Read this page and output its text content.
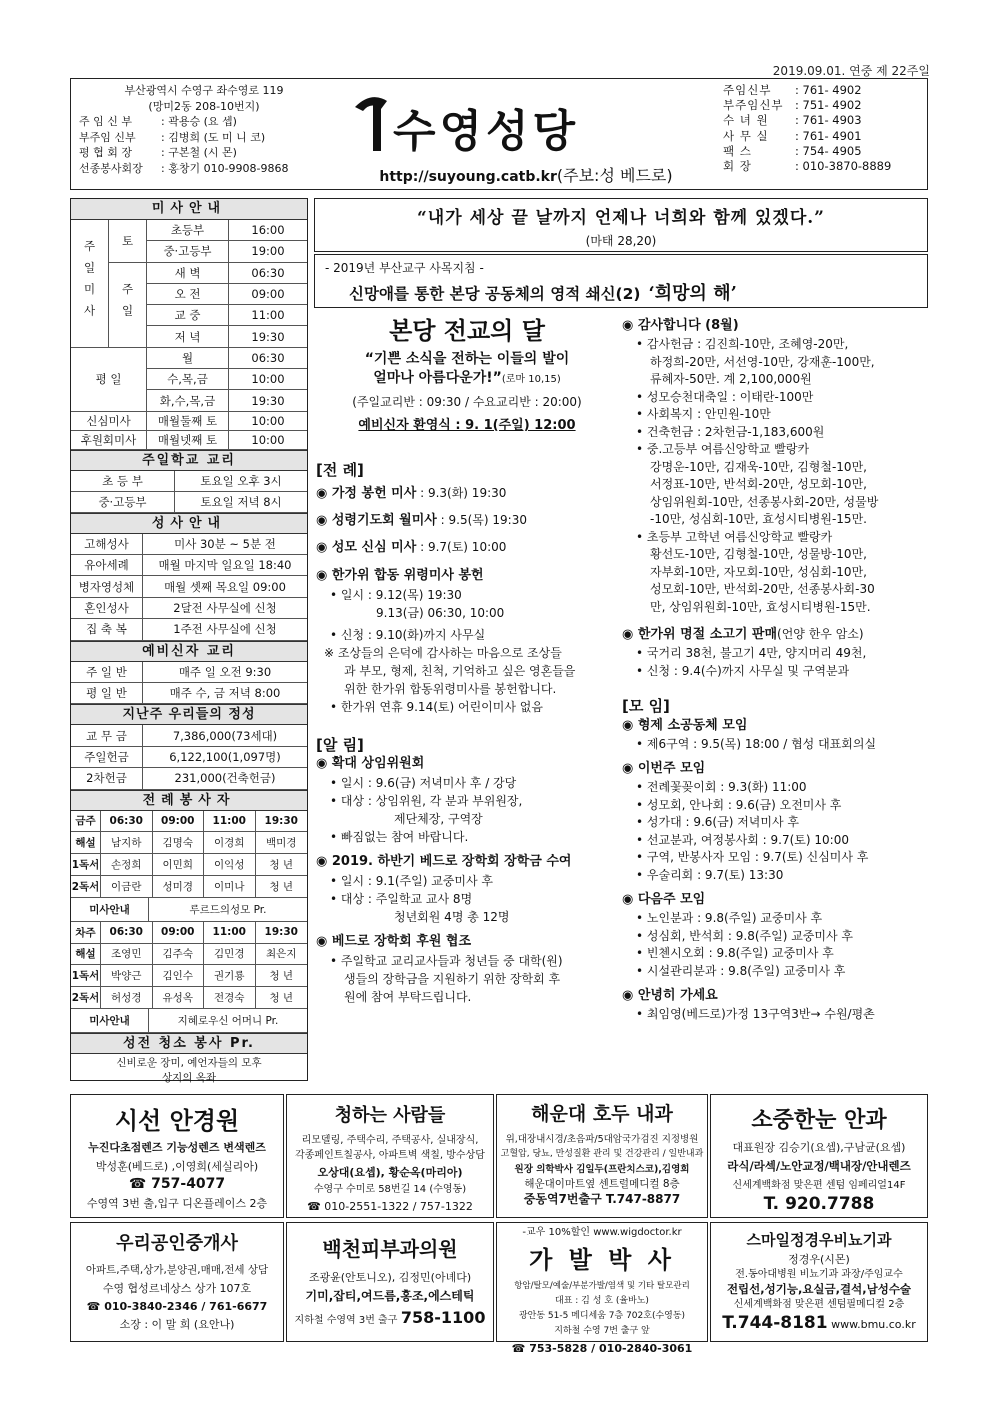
2019.09.01. 연중 제 22주일
부산광역시 수영구 좌수영로 119
(망미2동 208-10번지)
주 임 신 부	: 곽용승 (요 셉)
부주임 신부 : 김병희 (도 미 니 코)
평 협 회 장	: 구본철 (시 몬)
선종봉사회장 : 홍창기 010-9908-9868
수영성당
http://suyoung.catb.kr(주보:성 베드로)
주임신부	: 761- 4902
부주임신부 : 751- 4902
수 녀 원	: 761- 4903
사 무 실	: 761- 4901
팩 스	: 754- 4905
회 장	: 010-3870-8889
미사안내
주일미사	토
초등부	16:00
중·고등부	19:00
주일
새 벽	06:30
오 전	09:00
교 중	11:00
저 녁	19:30
평 일
월	06:30
수,목,금	10:00
화,수,목,금	19:30
신심미사	매월둘째 토	10:00
후원회미사	매월넷째 토	10:00
주일학교 교리
초 등 부	토요일 오후 3시
중·고등부	토요일 저녁 8시
성사안내
고해성사	미사 30분 ~ 5분 전
유아세례	매월 마지막 일요일 18:40
병자영성체	매월 셋째 목요일 09:00
혼인성사	2달전 사무실에 신청
집 축 복	1주전 사무실에 신청
예비신자 교리
주 일 반	매주 일 오전 9:30
평 일 반	매주 수, 금 저녁 8:00
지난주 우리들의 정성
교 무 금	7,386,000(73세대)
주일헌금	6,122,100(1,097명)
2차헌금	231,000(건축헌금)
전례봉사자
금주	06:30	09:00	11:00	19:30
해설	남지하	김명숙	이경희	백미경
1독서	손정희	이민희	이익성	청 년
2독서	이금란	성미경	이미나	청 년
미사안내	루르드의성모 Pr.
차주	06:30	09:00	11:00	19:30
해설	조영민	김주숙	김민경	최은지
1독서	박양근	김인수	권기룡	청 년
2독서	허성경	유성옥	전경숙	청 년
미사안내	지혜로우신 어머니 Pr.
성전 청소 봉사 Pr.
신비로운 장미, 예언자들의 모후
상지의 옥좌
“내가 세상 끝 날까지 언제나 너희와 함께 있겠다.”
(마태 28,20)
- 2019년 부산교구 사목지침 -
신망애를 통한 본당 공동체의 영적 쇄신(2) ‘희망의 해’
본당 전교의 달
“기쁜 소식을 전하는 이들의 발이
얼마나 아름다운가!”(로마 10,15)
(주일교리반 : 09:30 / 수요교리반 : 20:00)
예비신자 환영식 : 9. 1(주일) 12:00
[전 례]
◉ 가정 봉헌 미사 : 9.3(화) 19:30
◉ 성령기도회 월미사 : 9.5(목) 19:30
◉ 성모 신심 미사 : 9.7(토) 10:00
◉ 한가위 합동 위령미사 봉헌
• 일시 : 9.12(목) 19:30
9.13(금) 06:30, 10:00
• 신청 : 9.10(화)까지 사무실
※ 조상들의 은덕에 감사하는 마음으로 조상들
과 부모, 형제, 친척, 기억하고 싶은 영혼들을
위한 한가위 합동위령미사를 봉헌합니다.
• 한가위 연휴 9.14(토) 어린이미사 없음
[알 림]
◉ 확대 상임위원회
• 일시 : 9.6(금) 저녁미사 후 / 강당
• 대상 : 상임위원, 각 분과 부위원장,
제단체장, 구역장
• 빠짐없는 참여 바랍니다.
◉ 2019. 하반기 베드로 장학회 장학금 수여
• 일시 : 9.1(주일) 교중미사 후
• 대상 : 주일학교 교사 8명
청년회원 4명 총 12명
◉ 베드로 장학회 후원 협조
• 주일학교 교리교사들과 청년들 중 대학(원)
생들의 장학금을 지원하기 위한 장학회 후
원에 참여 부탁드립니다.
◉ 감사합니다 (8월)
• 감사헌금 : 김진희-10만, 조혜영-20만,
하정희-20만, 서선영-10만, 강재훈-100만,
류혜자-50만. 계 2,100,000원
• 성모승천대축일 : 이태란-100만
• 사회복지 : 안민원-10만
• 건축헌금 : 2차헌금-1,183,600원
• 중.고등부 여름신앙학교 빨랑카
강명운-10만, 김재욱-10만, 김형철-10만,
서정표-10만, 반석회-20만, 성모회-10만,
상임위원회-10만, 선종봉사회-20만, 성물방
-10만, 성심회-10만, 효성시티병원-15만.
• 초등부 고학년 여름신앙학교 빨랑카
황선도-10만, 김형철-10만, 성물방-10만,
자부회-10만, 자모회-10만, 성심회-10만,
성모회-10만, 반석회-20만, 선종봉사회-30
만, 상임위원회-10만, 효성시티병원-15만.
◉ 한가위 명절 소고기 판매(언양 한우 암소)
• 국거리 38천, 불고기 4만, 양지머리 49천,
• 신청 : 9.4(수)까지 사무실 및 구역분과
[모 임]
◉ 형제 소공동체 모임
• 제6구역 : 9.5(목) 18:00 / 협성 대표회의실
◉ 이번주 모임
• 전례꽃꽂이회 : 9.3(화) 11:00
• 성모회, 안나회 : 9.6(금) 오전미사 후
• 성가대 : 9.6(금) 저녁미사 후
• 선교분과, 여정봉사회 : 9.7(토) 10:00
• 구역, 반봉사자 모임 : 9.7(토) 신심미사 후
• 우술리회 : 9.7(토) 13:30
◉ 다음주 모임
• 노인분과 : 9.8(주일) 교중미사 후
• 성심회, 반석회 : 9.8(주일) 교중미사 후
• 빈첸시오회 : 9.8(주일) 교중미사 후
• 시설관리분과 : 9.8(주일) 교중미사 후
◉ 안녕히 가세요
• 최임영(베드로)가정 13구역3반→ 수원/평촌
시선 안경원
누진다초점렌즈 기능성렌즈 변색렌즈
박성훈(베드로) ,이영희(세실리아)
☎ 757-4077
수영역 3번 출,입구 디온플레이스 2층
청하는 사람들
리모델링, 주택수리, 주택공사, 실내장식,
각종페인트칠공사, 아파트벽 색칠, 방수상담
오상대(요셉), 황순옥(마리아)
수영구 수미로 58번길 14 (수영동)
☎ 010-2551-1322 / 757-1322
해운대 호두 내과
위,대장내시경/초음파/5대암국가검진 지정병원
고혈압, 당뇨, 만성질환 관리 및 건강관리 / 일반내과
원장 의학박사 김일두(프란치스코),김영희
해운대이마트옆 센트럴메디컬 8층
중동역7번출구 T.747-8877
소중한눈 안과
대표원장 김승기(요셉),구남균(요셉)
라식/라섹/노안교정/백내장/안내렌즈
신세계백화점 맞은편 센텀 임페리얼14F
T. 920.7788
우리공인중개사
아파트,주택,상가,분양권,매매,전세 상담
수영 협성르네상스 상가 107호
☎ 010-3840-2346 / 761-6677
소장 : 이 말 희 (요안나)
백천피부과의원
조광윤(안토니오), 김정민(아녜다)
기미,잡티,여드름,홍조,에스테틱
지하철 수영역 3번 출구 758-1100
-교우 10%할인 www.wigdoctor.kr
가 발 박 사
항암/탈모/예술/부분가발/염색 및 기타 탈모관리
대표 : 김 성 호 (율바노)
광안동 51-5 메디세움 7층 702호(수영동)
지하철 수영 7번 출구 앞
☎ 753-5828 / 010-2840-3061
스마일정경우비뇨기과
정경우(시몬)
전.동아대병원 비뇨기과 과장/주임교수
전립선,성기능,요실금,결석,남성수술
신세계백화점 맞은편 센텀필메디컬 2층
T.744-8181 www.bmu.co.kr
